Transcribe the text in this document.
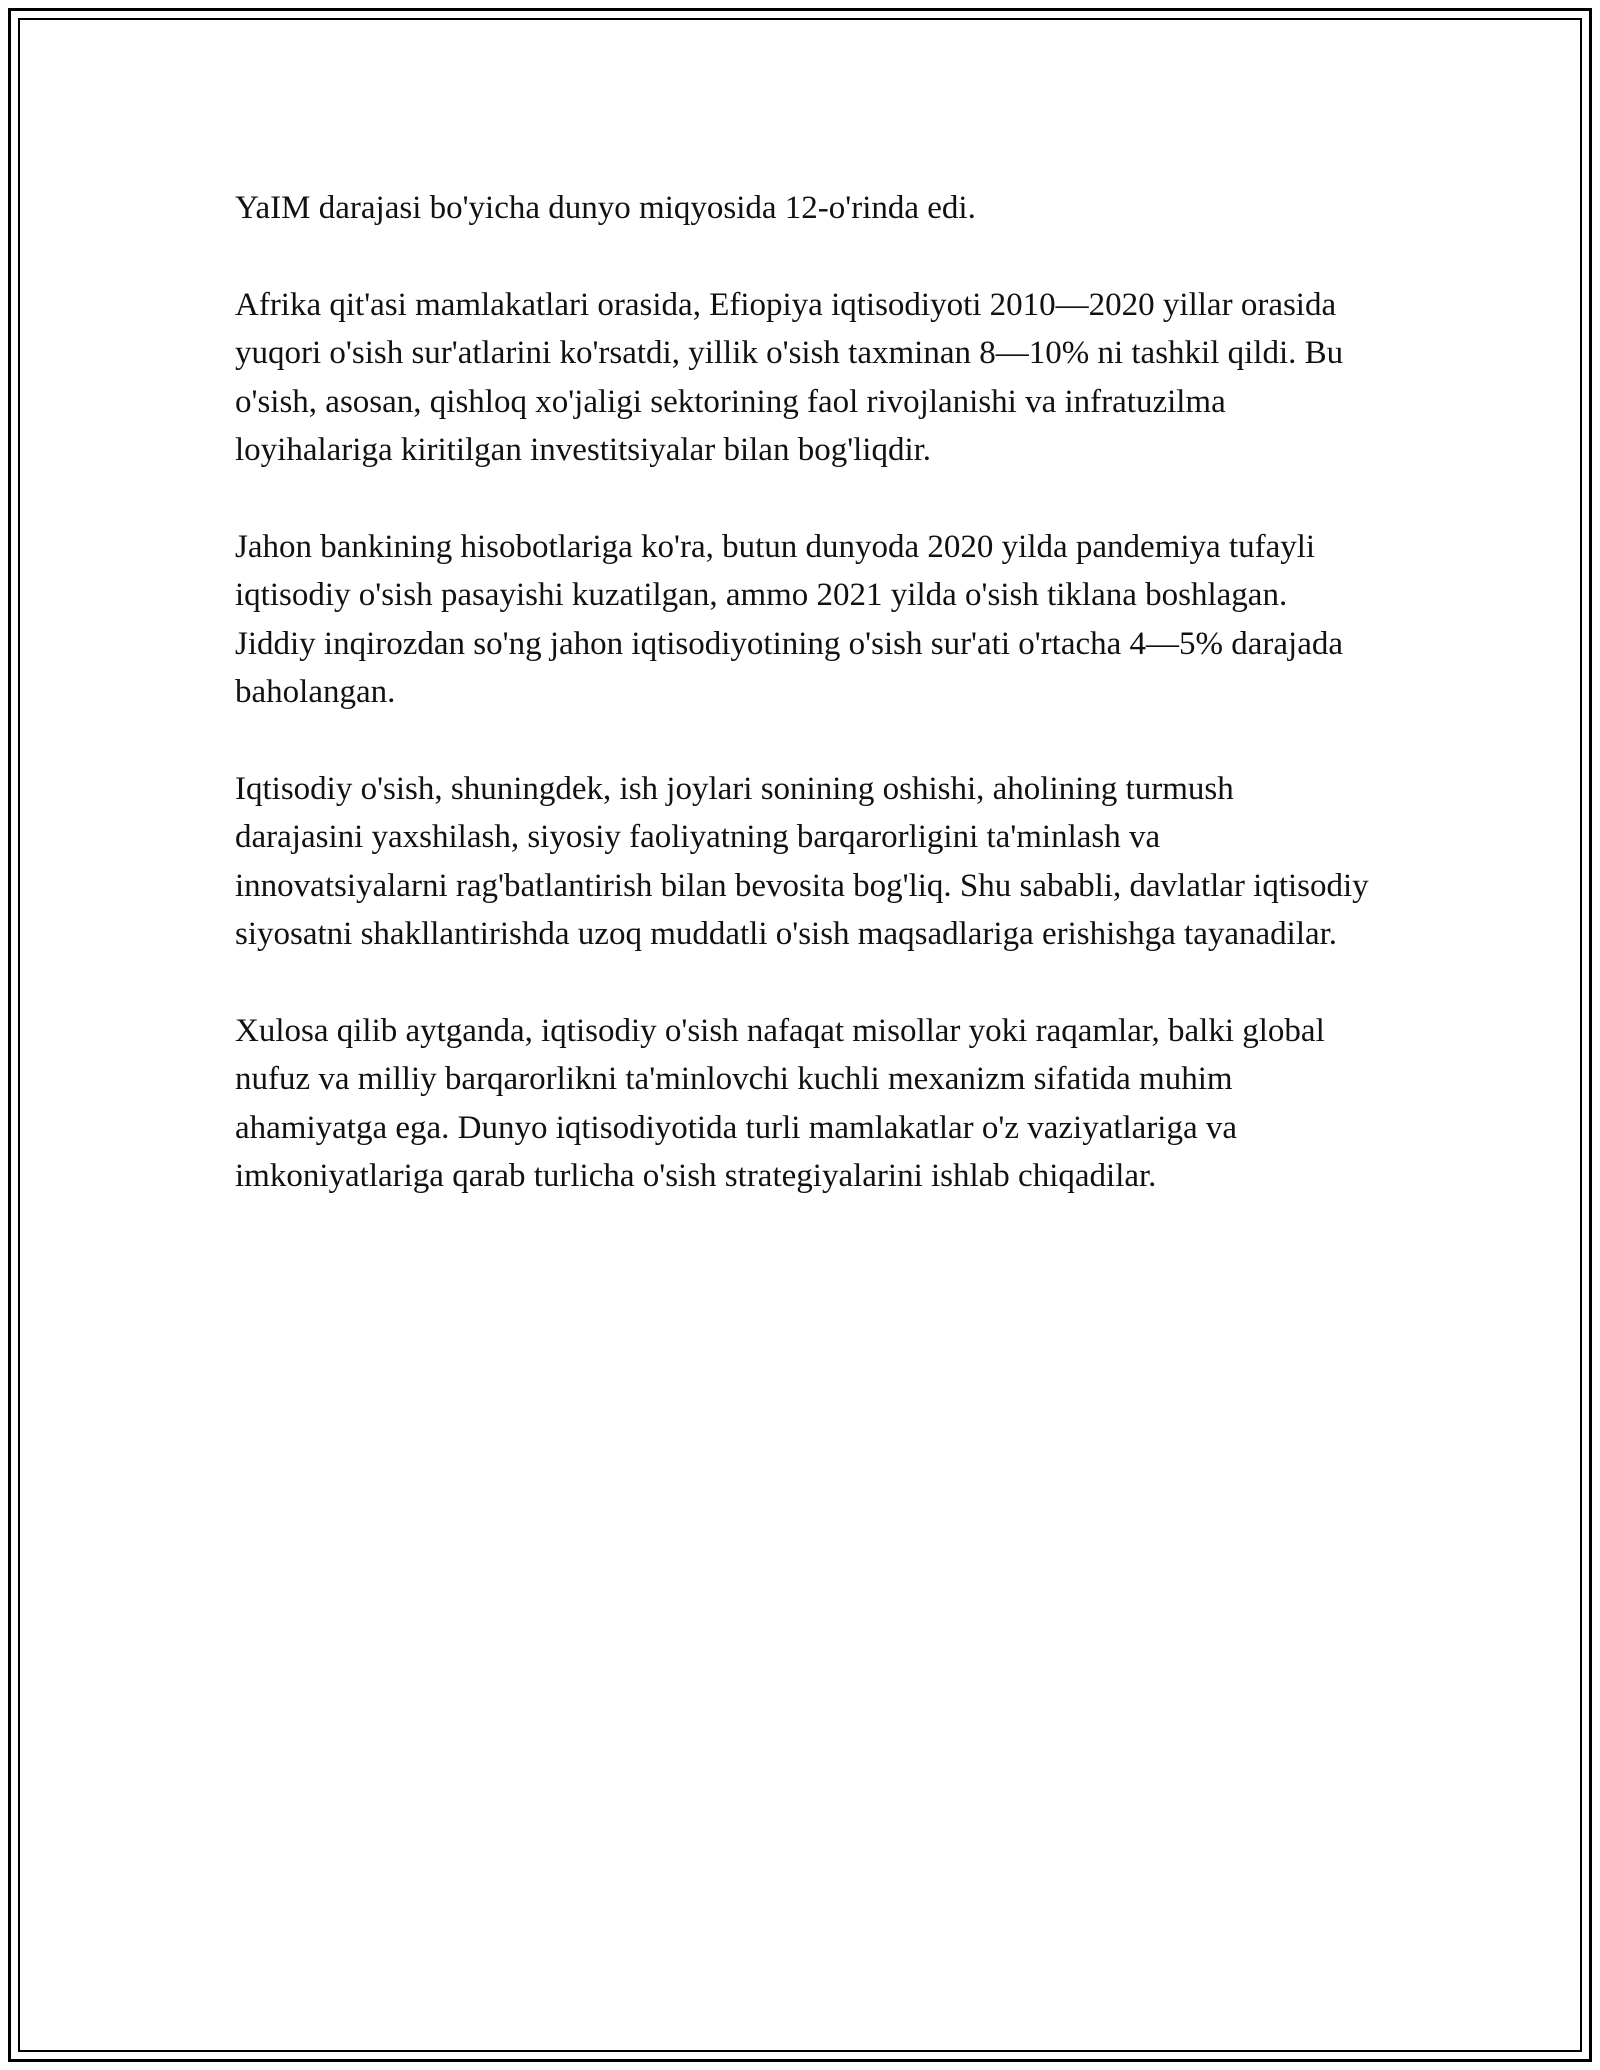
YaIM darajasi bo'yicha dunyo miqyosida 12-o'rinda edi.

Afrika qit'asi mamlakatlari orasida, Efiopiya iqtisodiyoti 2010—2020 yillar orasida yuqori o'sish sur'atlarini ko'rsatdi, yillik o'sish taxminan 8—10% ni tashkil qildi. Bu o'sish, asosan, qishloq xo'jaligi sektorining faol rivojlanishi va infratuzilma loyihalariga kiritilgan investitsiyalar bilan bog'liqdir.

Jahon bankining hisobotlariga ko'ra, butun dunyoda 2020 yilda pandemiya tufayli iqtisodiy o'sish pasayishi kuzatilgan, ammo 2021 yilda o'sish tiklana boshlagan. Jiddiy inqirozdan so'ng jahon iqtisodiyotining o'sish sur'ati o'rtacha 4—5% darajada baholangan.

Iqtisodiy o'sish, shuningdek, ish joylari sonining oshishi, aholining turmush darajasini yaxshilash, siyosiy faoliyatning barqarorligini ta'minlash va innovatsiyalarni rag'batlantirish bilan bevosita bog'liq. Shu sababli, davlatlar iqtisodiy siyosatni shakllantirishda uzoq muddatli o'sish maqsadlariga erishishga tayanadilar.

Xulosa qilib aytganda, iqtisodiy o'sish nafaqat misollar yoki raqamlar, balki global nufuz va milliy barqarorlikni ta'minlovchi kuchli mexanizm sifatida muhim ahamiyatga ega. Dunyo iqtisodiyotida turli mamlakatlar o'z vaziyatlariga va imkoniyatlariga qarab turlicha o'sish strategiyalarini ishlab chiqadilar.
